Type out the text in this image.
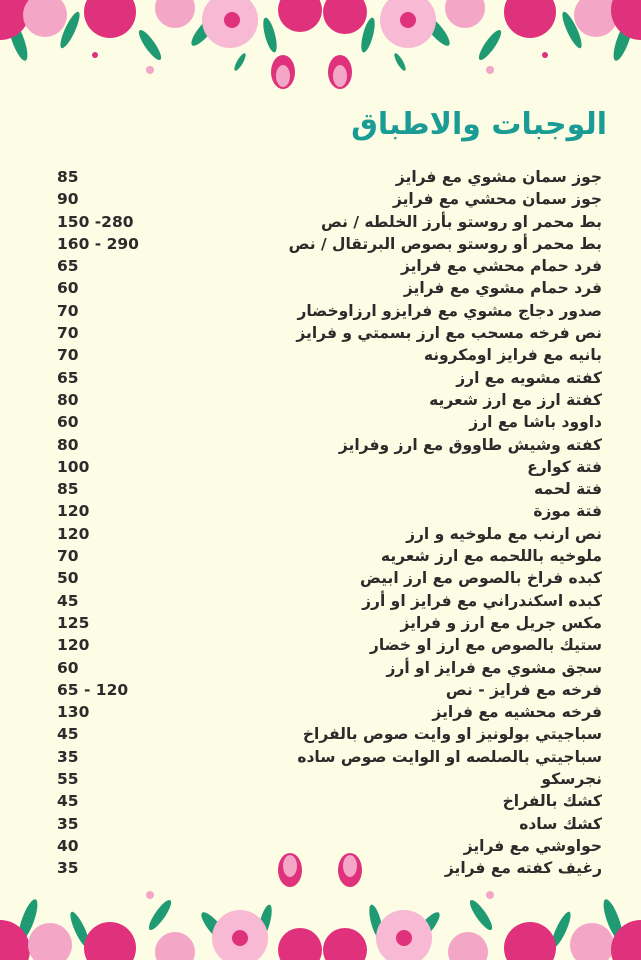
الوجبات والاطباق
جوز سمان مشوي مع فرايز
85
جوز سمان محشي مع فرايز
90
بط محمر او روستو بأرز الخلطه / نص
150 -280
بط محمر أو روستو بصوص البرتقال / نص
160 - 290
فرد حمام محشي مع فرايز
65
فرد حمام مشوي مع فرايز
60
صدور دجاج مشوي مع فرايزو ارزاوخضار
70
نص فرخه مسحب مع ارز بسمتي و فرايز
70
بانيه مع فرايز اومكرونه
70
كفته مشويه مع ارز
65
كفتة ارز مع ارز شعريه
80
داوود باشا مع ارز
60
كفته وشيش طاووق مع ارز وفرايز
80
فتة كوارع
100
فتة لحمه
85
فتة موزة
120
نص ارنب مع ملوخيه و ارز
120
ملوخيه باللحمه مع ارز شعريه
70
كبده فراخ بالصوص مع ارز ابيض
50
كبده اسكندراني مع فرايز او أرز
45
مكس جريل مع ارز و فرايز
125
ستيك بالصوص مع ارز او خضار
120
سجق مشوي مع فرايز او أرز
60
فرخه مع فرايز - نص
65 - 120
فرخه محشيه مع فرايز
130
سباجيتي بولونيز او وايت صوص بالفراخ
45
سباجيتي بالصلصه او الوايت صوص ساده
35
نجرسكو
55
كشك بالفراخ
45
كشك ساده
35
حواوشي مع فرايز
40
رغيف كفته مع فرايز
35
